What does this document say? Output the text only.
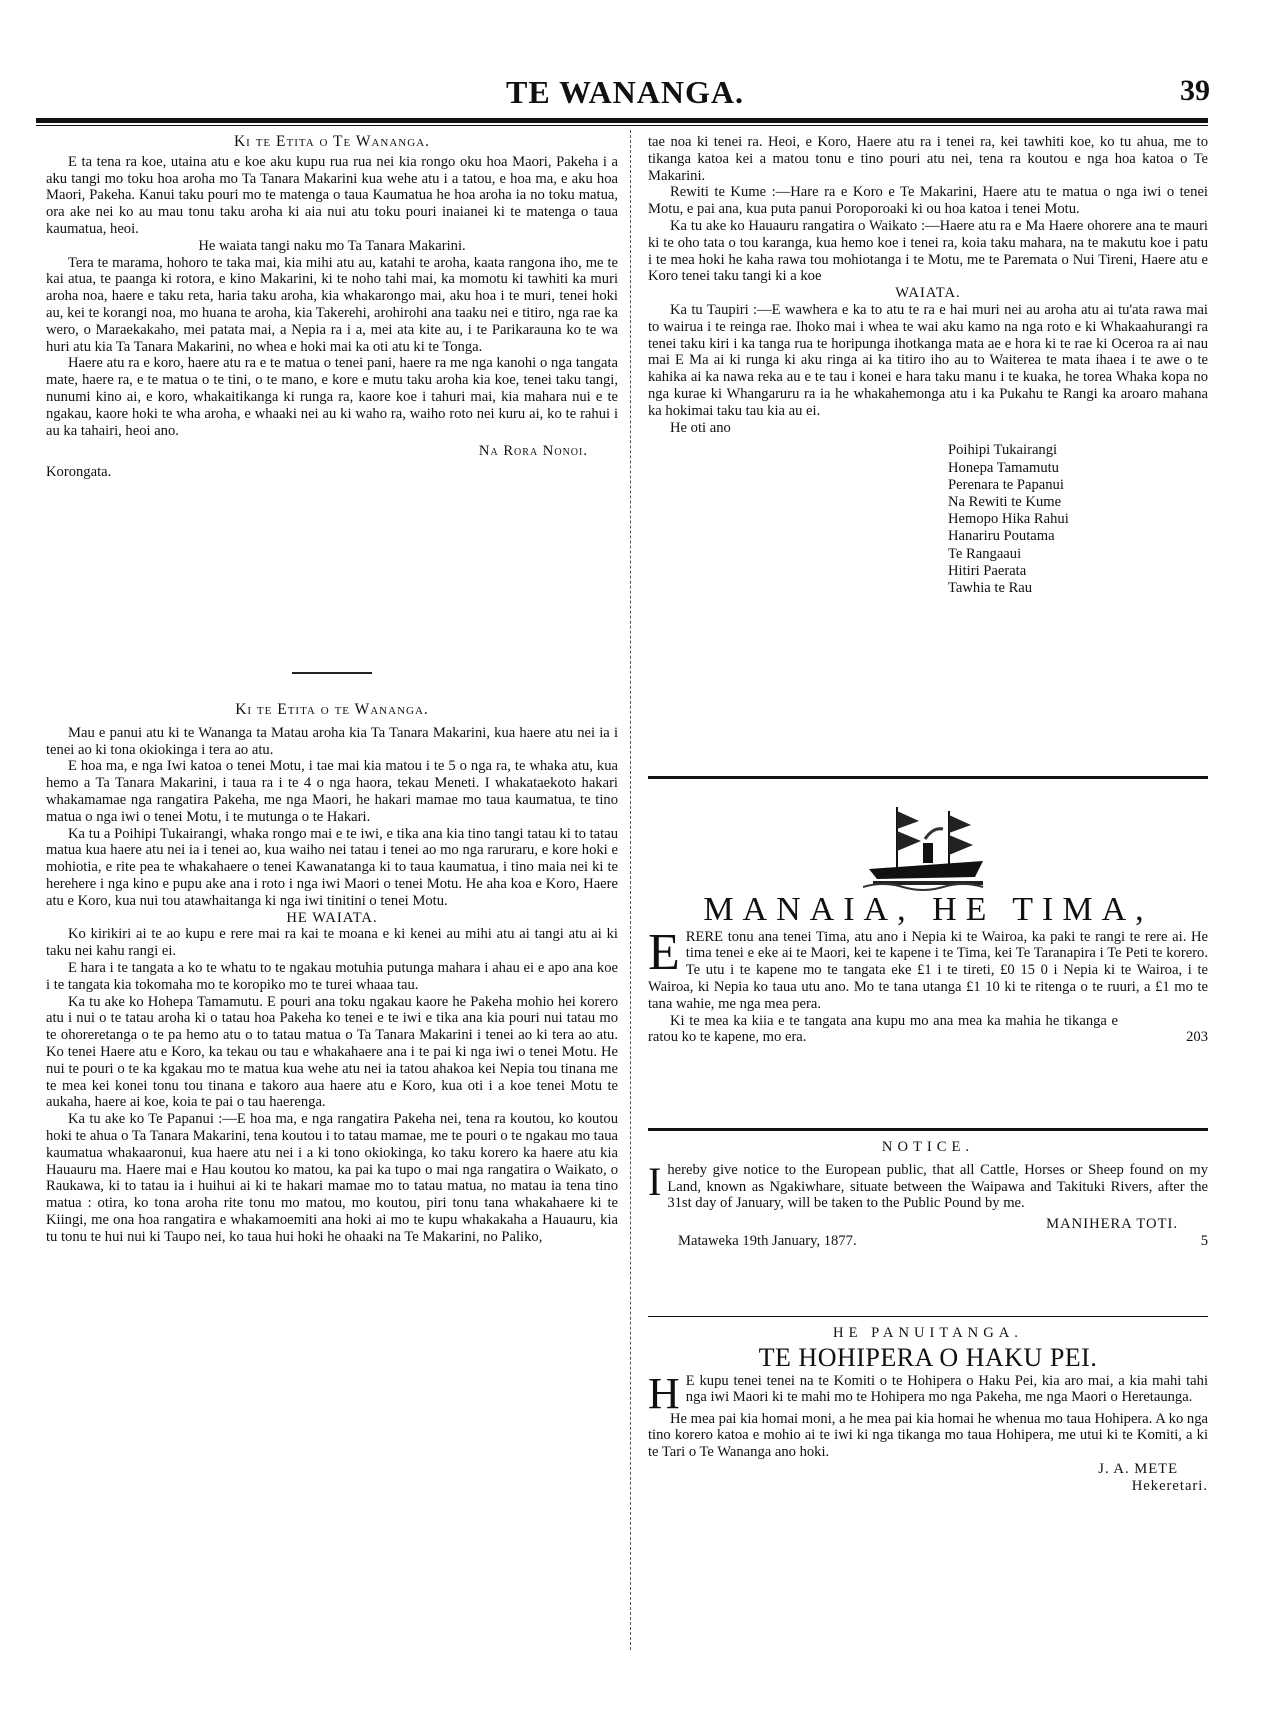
TE WANANGA.	39

Ki te Etita o Te Wananga.

E ta tena ra koe, utaina atu e koe aku kupu rua rua nei kia rongo oku hoa Maori, Pakeha i a aku tangi mo toku hoa aroha mo Ta Tanara Makarini kua wehe atu i a tatou, e hoa ma, e aku hoa Maori, Pakeha. Kanui taku pouri mo te matenga o taua Kaumatua he hoa aroha ia no toku matua, ora ake nei ko au mau tonu taku aroha ki aia nui atu toku pouri inaianei ki te matenga o taua kaumatua, heoi.

He waiata tangi naku mo Ta Tanara Makarini.

Tera te marama, hohoro te taka mai, kia mihi atu au, katahi te aroha, kaata rangona iho, me te kai atua, te paanga ki rotora, e kino Makarini, ki te noho tahi mai, ka momotu ki tawhiti ka muri aroha noa, haere e taku reta, haria taku aroha, kia whakarongo mai, aku hoa i te muri, tenei hoki au, kei te korangi noa, mo huana te aroha, kia Takerehi, arohirohi ana taaku nei e titiro, nga rae ka wero, o Maraekakaho, mei patata mai, a Nepia ra i a, mei ata kite au, i te Parikarauna ko te wa huri atu kia Ta Tanara Makarini, no whea e hoki mai ka oti atu ki te Tonga.

Haere atu ra e koro, haere atu ra e te matua o tenei pani, haere ra me nga kanohi o nga tangata mate, haere ra, e te matua o te tini, o te mano, e kore e mutu taku aroha kia koe, tenei taku tangi, nunumi kino ai, e koro, whakaitikanga ki runga ra, kaore koe i tahuri mai, kia mahara nui e te ngakau, kaore hoki te wha aroha, e whaaki nei au ki waho ra, waiho roto nei kuru ai, ko te rahui i au ka tahairi, heoi ano.

Na Rora Nonoi.

Korongata.

Ki te Etita o te Wananga.

Mau e panui atu ki te Wananga ta Matau aroha kia Ta Tanara Makarini, kua haere atu nei ia i tenei ao ki tona okiokinga i tera ao atu.

E hoa ma, e nga Iwi katoa o tenei Motu, i tae mai kia matou i te 5 o nga ra, te whaka atu, kua hemo a Ta Tanara Makarini, i taua ra i te 4 o nga haora, tekau Meneti. I whakataekoto hakari whakamamae nga rangatira Pakeha, me nga Maori, he hakari mamae mo taua kaumatua, te tino matua o nga iwi o tenei Motu, i te mutunga o te Hakari.

Ka tu a Poihipi Tukairangi, whaka rongo mai e te iwi, e tika ana kia tino tangi tatau ki to tatau matua kua haere atu nei ia i tenei ao, kua waiho nei tatau i tenei ao mo nga raruraru, e kore hoki e mohiotia, e rite pea te whakahaere o tenei Kawanatanga ki to taua kaumatua, i tino maia nei ki te herehere i nga kino e pupu ake ana i roto i nga iwi Maori o tenei Motu. He aha koa e Koro, Haere atu e Koro, kua nui tou atawhaitanga ki nga iwi tinitini o tenei Motu.

HE WAIATA.

Ko kirikiri ai te ao kupu e rere mai ra kai te moana e ki kenei au mihi atu ai tangi atu ai ki taku nei kahu rangi ei.

E hara i te tangata a ko te whatu to te ngakau motuhia putunga mahara i ahau ei e apo ana koe i te tangata kia tokomaha mo te koropiko mo te turei whaaa tau.

Ka tu ake ko Hohepa Tamamutu. E pouri ana toku ngakau kaore he Pakeha mohio hei korero atu i nui o te tatau aroha ki o tatau hoa Pakeha ko tenei e te iwi e tika ana kia pouri nui tatau mo te ohoreretanga o te pa hemo atu o to tatau matua o Ta Tanara Makarini i tenei ao ki tera ao atu. Ko tenei Haere atu e Koro, ka tekau ou tau e whakahaere ana i te pai ki nga iwi o tenei Motu. He nui te pouri o te ka kgakau mo te matua kua wehe atu nei ia tatou ahakoa kei Nepia tou tinana me te mea kei konei tonu tou tinana e takoro aua haere atu e Koro, kua oti i a koe tenei Motu te aukaha, haere ai koe, koia te pai o tau haerenga.

Ka tu ake ko Te Papanui :—E hoa ma, e nga rangatira Pakeha nei, tena ra koutou, ko koutou hoki te ahua o Ta Tanara Makarini, tena koutou i to tatau mamae, me te pouri o te ngakau mo taua kaumatua whakaaronui, kua haere atu nei i a ki tono okiokinga, ko taku korero ka haere atu kia Hauauru ma. Haere mai e Hau koutou ko matou, ka pai ka tupo o mai nga rangatira o Waikato, o Raukawa, ki to tatau ia i huihui ai ki te hakari mamae mo to tatau matua, no matau ia tena tino matua : otira, ko tona aroha rite tonu mo matou, mo koutou, piri tonu tana whakahaere ki te Kiingi, me ona hoa rangatira e whakamoemiti ana hoki ai mo te kupu whakakaha a Hauauru, kia tu tonu te hui nui ki Taupo nei, ko taua hui hoki he ohaaki na Te Makarini, no Paliko,

tae noa ki tenei ra. Heoi, e Koro, Haere atu ra i tenei ra, kei tawhiti koe, ko tu ahua, me to tikanga katoa kei a matou tonu e tino pouri atu nei, tena ra koutou e nga hoa katoa o Te Makarini.

Rewiti te Kume :—Hare ra e Koro e Te Makarini, Haere atu te matua o nga iwi o tenei Motu, e pai ana, kua puta panui Poroporoaki ki ou hoa katoa i tenei Motu.

Ka tu ake ko Hauauru rangatira o Waikato :—Haere atu ra e Ma Haere ohorere ana te mauri ki te oho tata o tou karanga, kua hemo koe i tenei ra, koia taku mahara, na te makutu koe i patu i te mea hoki he kaha rawa tou mohiotanga i te Motu, me te Paremata o Nui Tireni, Haere atu e Koro tenei taku tangi ki a koe

WAIATA.

Ka tu Taupiri :—E wawhera e ka to atu te ra e hai muri nei au aroha atu ai tu'ata rawa mai to wairua i te reinga rae. Ihoko mai i whea te wai aku kamo na nga roto e ki Whakaahurangi ra tenei taku kiri i ka tanga rua te horipunga ihotkanga mata ae e hora ki te rae ki Oceroa ra ai nau mai E Ma ai ki runga ki aku ringa ai ka titiro iho au to Waitereа te mata ihaea i te awe o te kahika ai ka nawa reka au e te tau i konei e hara taku manu i te kuaka, he torea Whaka kopa no nga kurae ki Whangaruru ra ia he whakahemonga atu i ka Pukahu te Rangi ka aroaro mahana ka hokimai taku tau kia au ei.

He oti ano

Poihipi Tukairangi
Honepa Tamamutu
Perenara te Papanui
Na Rewiti te Kume
Hemopo Hika Rahui
Hanariru Poutama
Te Rangaaui
Hitiri Paerata
Tawhia te Rau
MANAIA, HE TIMA,
E RERE tonu ana tenei Tima, atu ano i Nepia ki te Wairoa, ka paki te rangi te rere ai. He tima tenei e eke ai te Maori, kei te kapene i te Tima, kei Te Taranapira i Te Peti te korero. Te utu i te kapene mo te tangata eke £1 i te tireti, £0 15 0 i Nepia ki te Wairoa, i te Wairoa, ki Nepia ko taua utu ano. Mo te tana utanga £1 10 ki te ritenga o te ruuri, a £1 mo te tana wahie, me nga mea pera.
Ki te mea ka kiia e te tangata ana kupu mo ana mea ka mahia he tikanga e ratou ko te kapene, mo era.	203

NOTICE.

I hereby give notice to the European public, that all Cattle, Horses or Sheep found on my Land, known as Ngakiwhare, situate between the Waipawa and Takituki Rivers, after the 31st day of January, will be taken to the Public Pound by me.

MANIHERA TOTI.

Mataweka 19th January, 1877.	5

HE PANUITANGA.

TE HOHIPERA O HAKU PEI.

H E kupu tenei tenei na te Komiti o te Hohipera o Haku Pei, kia aro mai, a kia mahi tahi nga iwi Maori ki te mahi mo te Hohipera mo nga Pakeha, me nga Maori o Heretaunga.

He mea pai kia homai moni, a he mea pai kia homai he whenua mo taua Hohipera. A ko nga tino korero katoa e mohio ai te iwi ki nga tikanga mo taua Hohipera, me utui ki te Komiti, a ki te Tari o Te Wananga ano hoki.

J. A. METE

Hekeretari.
